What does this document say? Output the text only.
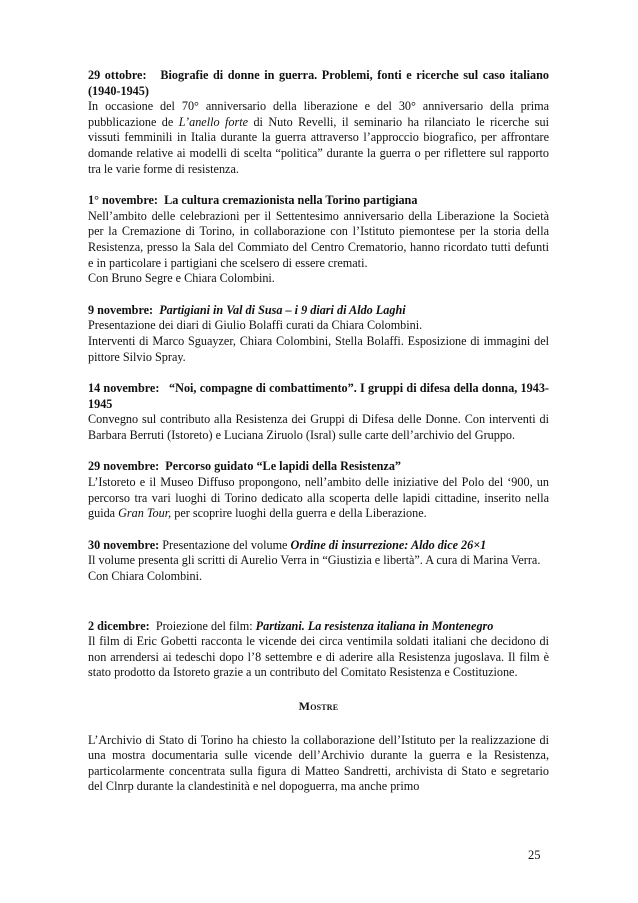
29 ottobre: Biografie di donne in guerra. Problemi, fonti e ricerche sul caso italiano (1940-1945)

In occasione del 70° anniversario della liberazione e del 30° anniversario della prima pubblicazione de L’anello forte di Nuto Revelli, il seminario ha rilanciato le ricerche sui vissuti femminili in Italia durante la guerra attraverso l’approccio biografico, per affrontare domande relative ai modelli di scelta “politica” durante la guerra o per riflettere sul rapporto tra le varie forme di resistenza.

1° novembre: La cultura cremazionista nella Torino partigiana

Nell’ambito delle celebrazioni per il Settentesimo anniversario della Liberazione la Società per la Cremazione di Torino, in collaborazione con l’Istituto piemontese per la storia della Resistenza, presso la Sala del Commiato del Centro Crematorio, hanno ricordato tutti defunti e in particolare i partigiani che scelsero di essere cremati.

Con Bruno Segre e Chiara Colombini.

9 novembre: Partigiani in Val di Susa – i 9 diari di Aldo Laghi

Presentazione dei diari di Giulio Bolaffi curati da Chiara Colombini.

Interventi di Marco Sguayzer, Chiara Colombini, Stella Bolaffi. Esposizione di immagini del pittore Silvio Spray.

14 novembre: “Noi, compagne di combattimento”. I gruppi di difesa della donna, 1943-1945

Convegno sul contributo alla Resistenza dei Gruppi di Difesa delle Donne. Con interventi di Barbara Berruti (Istoreto) e Luciana Ziruolo (Isral) sulle carte dell’archivio del Gruppo.

29 novembre: Percorso guidato “Le lapidi della Resistenza”

L’Istoreto e il Museo Diffuso propongono, nell’ambito delle iniziative del Polo del ‘900, un percorso tra vari luoghi di Torino dedicato alla scoperta delle lapidi cittadine, inserito nella guida Gran Tour, per scoprire luoghi della guerra e della Liberazione.

30 novembre: Presentazione del volume Ordine di insurrezione: Aldo dice 26×1

Il volume presenta gli scritti di Aurelio Verra in “Giustizia e libertà”. A cura di Marina Verra. Con Chiara Colombini.

2 dicembre: Proiezione del film: Partizani. La resistenza italiana in Montenegro

Il film di Eric Gobetti racconta le vicende dei circa ventimila soldati italiani che decidono di non arrendersi ai tedeschi dopo l’8 settembre e di aderire alla Resistenza jugoslava. Il film è stato prodotto da Istoreto grazie a un contributo del Comitato Resistenza e Costituzione.

Mostre

L’Archivio di Stato di Torino ha chiesto la collaborazione dell’Istituto per la realizzazione di una mostra documentaria sulle vicende dell’Archivio durante la guerra e la Resistenza, particolarmente concentrata sulla figura di Matteo Sandretti, archivista di Stato e segretario del Clnrp durante la clandestinità e nel dopoguerra, ma anche primo

25
